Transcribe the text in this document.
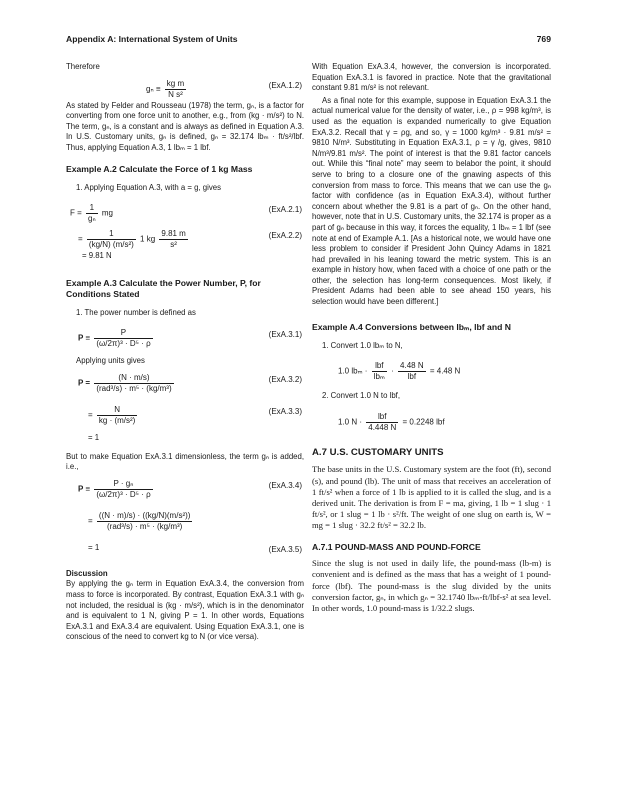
Appendix A: International System of Units	769
Therefore
$g_n \equiv \frac{\text{kg m}}{\text{N s²}}$	(ExA.1.2)
As stated by Felder and Rousseau (1978) the term, gₙ, is a factor for converting from one force unit to another, e.g., from (kg · m/s²) to N. The term, gₙ, is a constant and is always as defined in Equation A.3. In U.S. Customary units, gₙ is defined, gₙ = 32.174 lbₘ · ft/s²/lbf. Thus, applying Equation A.3, 1 lbₘ = 1 lbf.
Example A.2 Calculate the Force of 1 kg Mass
1. Applying Equation A.3, with a = g, gives
$F = \frac{1}{\text{gₙ}}$ mg	(ExA.2.1)
= $\frac{1}{\text{(kg/N) (m/s²)}} 1$ kg $\frac{9.81 m}{\text{s²}}$	(ExA.2.2)
= 9.81 N
Example A.3 Calculate the Power Number, P, for Conditions Stated
1. The power number is defined as
$P \equiv \frac{P}{\text{(ω/2π)³ · D⁵ · ρ}}$	(ExA.3.1)
Applying units gives
$P = \frac{(N \cdot m/s)}{\text{(rad³/s) · m⁵ · (kg/m³)}}$	(ExA.3.2)
= $\frac{N}{\text{kg · (m/s²)}}$	(ExA.3.3)
= 1
But to make Equation ExA.3.1 dimensionless, the term gₙ is added, i.e.,
$P \equiv \frac{\text{P · gₙ}}{\text{(ω/2π)³ · D⁵ · ρ}}$	(ExA.3.4)
= $\frac{\text{((N · m)/s) · ((kg/N)(m/s²))}}{\text{(rad³/s) · m⁵ · (kg/m³)}}$
= 1	(ExA.3.5)
Discussion
By applying the gₙ term in Equation ExA.3.4, the conversion from mass to force is incorporated. By contrast, Equation ExA.3.1 with gₙ not included, the residual is (kg · m/s²), which is in the denominator and is equivalent to 1 N, giving P = 1. In other words, Equations ExA.3.1 and ExA.3.4 are equivalent. Using Equation ExA.3.1, one is conscious of the need to convert kg to N (or vice versa).
With Equation ExA.3.4, however, the conversion is incorporated. Equation ExA.3.1 is favored in practice. Note that the gravitational constant 9.81 m/s² is not relevant.
As a final note for this example, suppose in Equation ExA.3.1 the actual numerical value for the density of water, i.e., ρ = 998 kg/m³, is used as the equation is expanded numerically to give Equation ExA.3.2. Recall that γ = ρg, and so, γ = 1000 kg/m³ · 9.81 m/s² = 9810 N/m³. Substituting in Equation ExA.3.1, ρ = γ /g, gives, 9810 N/m³/9.81 m/s². The point of interest is that the 9.81 factor cancels out. While this “final note” may seem to belabor the point, it should serve to bring to a closure one of the gnawing aspects of this conversion from mass to force. This means that we can use the gₙ factor with confidence (as in Equation ExA.3.4), without further concern about whether the 9.81 is a part of gₙ. On the other hand, however, note that in U.S. Customary units, the 32.174 is proper as a part of gₙ because in this way, it forces the equality, 1 lbₘ = 1 lbf (see note at end of Example A.1. [As a historical note, we would have one less problem to consider if President John Quincy Adams in 1821 had prevailed in his leaning toward the metric system. This is an example in history how, when faced with a choice of one path or the other, the selection has long-term consequences. Most likely, if President Adams had been able to see ahead 150 years, his selection would have been different.]
Example A.4 Conversions between lbₘ, lbf and N
1. Convert 1.0 lbₘ to N,
1.0 $lb_m \cdot \frac{\text{lbf}}{\text{lbₘ}} \cdot \frac{4.48 N}{\text{lbf}} = 4.48$ N
2. Convert 1.0 N to lbf,
1.0 $N \cdot \frac{\text{lbf}}{4.448 N} = 0.2248$ lbf
A.7 U.S. CUSTOMARY UNITS
The base units in the U.S. Customary system are the foot (ft), second (s), and pound (lb). The unit of mass that receives an acceleration of 1 ft/s² when a force of 1 lb is applied to it is called the slug, and is a derived unit. The derivation is from F = ma, giving, 1 lb = 1 slug · 1 ft/s², or 1 slug = 1 lb · s²/ft. The weight of one slug on earth is, W = mg = 1 slug · 32.2 ft/s² = 32.2 lb.
A.7.1 POUND-MASS AND POUND-FORCE
Since the slug is not used in daily life, the pound-mass (lb-m) is convenient and is defined as the mass that has a weight of 1 pound-force (lbf). The pound-mass is the slug divided by the units conversion factor, gₙ, in which gₙ = 32.1740 lbₘ-ft/lbf-s² at sea level. In other words, 1.0 pound-mass is 1/32.2 slugs.
